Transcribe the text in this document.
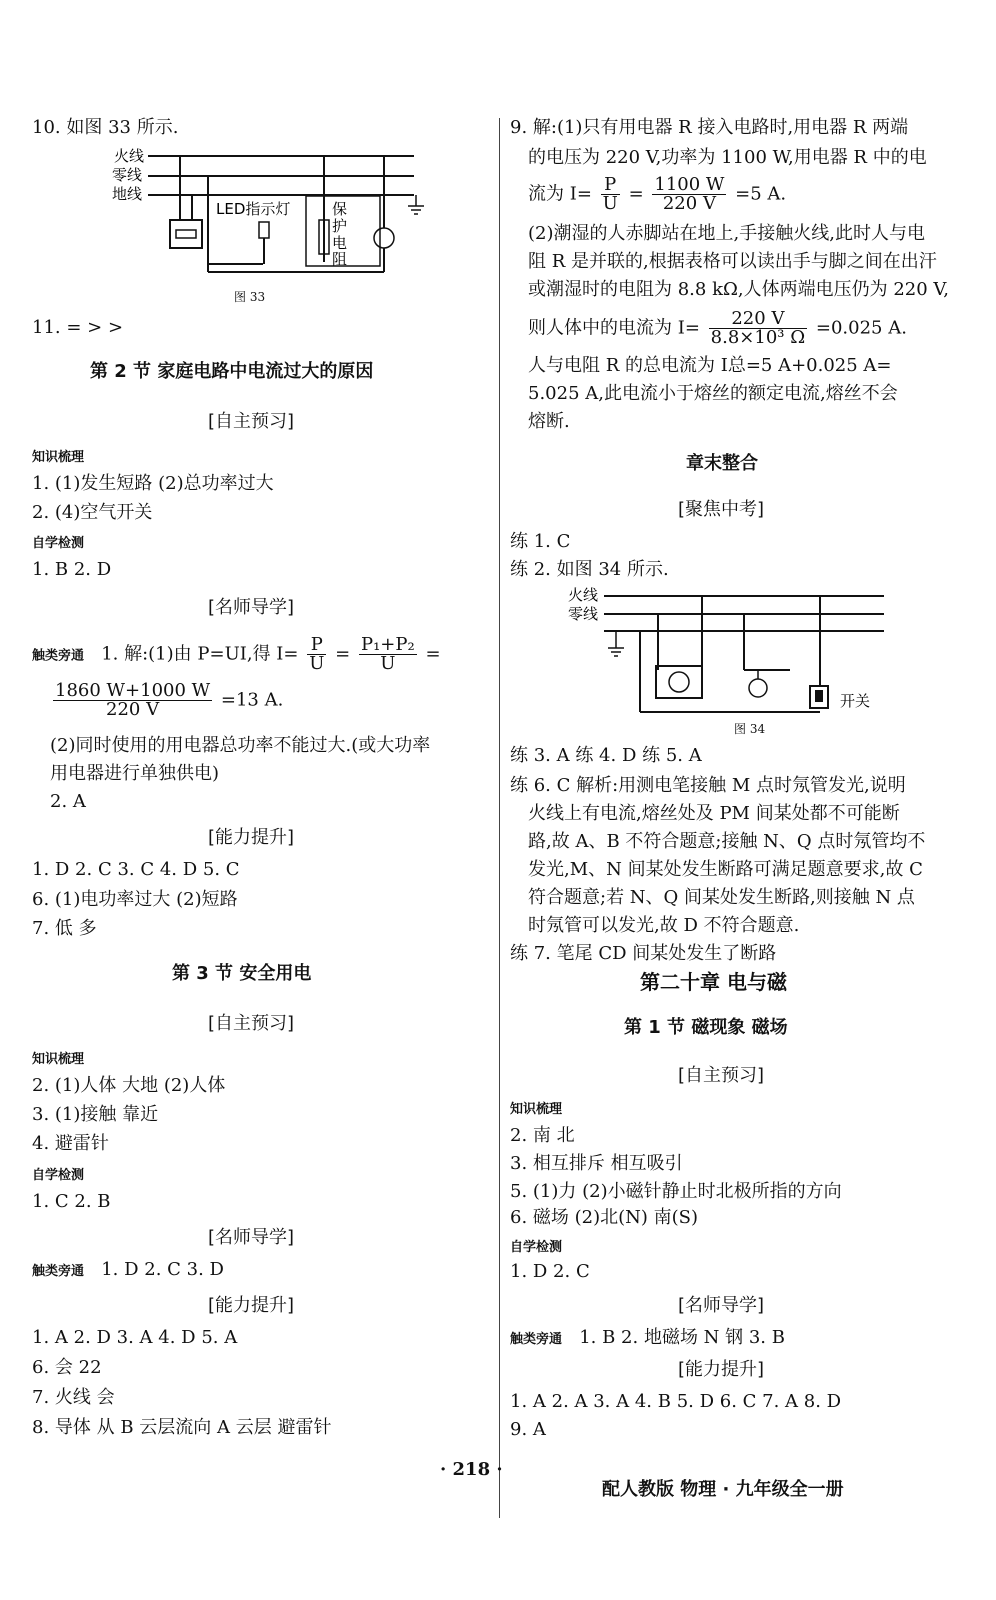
10. 如图 33 所示.
火线
零线
地线
LED指示灯	保护电阻
图 33
11. = > >
第 2 节 家庭电路中电流过大的原因
[自主预习]
知识梳理
1. (1)发生短路 (2)总功率过大
2. (4)空气开关
自学检测
1. B 2. D
[名师导学]
触类旁通 1. 解:(1)由 P=UI,得 $I= \frac{P}{U} = \frac{\text{P₁+P₂}}{U}$ =
$\frac{1860 W+1000 W}{220 V} =13$ A.
(2)同时使用的用电器总功率不能过大.(或大功率
用电器进行单独供电)
2. A
[能力提升]
1. D 2. C 3. C 4. D 5. C
6. (1)电功率过大 (2)短路
7. 低 多
第 3 节 安全用电
[自主预习]
知识梳理
2. (1)人体 大地 (2)人体
3. (1)接触 靠近
4. 避雷针
自学检测
1. C 2. B
[名师导学]
触类旁通 1. D 2. C 3. D
[能力提升]
1. A 2. D 3. A 4. D 5. A
6. 会 22
7. 火线 会
8. 导体 从 B 云层流向 A 云层 避雷针
9. 解:(1)只有用电器 R 接入电路时,用电器 R 两端
的电压为 220 V,功率为 1100 W,用电器 R 中的电
流为 $I= \frac{P}{U} = \frac{1100 W}{220 V} =5$ A.
(2)潮湿的人赤脚站在地上,手接触火线,此时人与电
阻 R 是并联的,根据表格可以读出手与脚之间在出汗
或潮湿时的电阻为 8.8 kΩ,人体两端电压仍为 220 V,
则人体中的电流为 $I= \frac{220 V}{\text{8.8×10³ Ω}} =0.025$ A.
人与电阻 R 的总电流为 I总=5 A+0.025 A=
5.025 A,此电流小于熔丝的额定电流,熔丝不会
熔断.
章末整合
[聚焦中考]
练 1. C
练 2. 如图 34 所示.
火线
零线
开关
图 34
练 3. A 练 4. D 练 5. A
练 6. C 解析:用测电笔接触 M 点时氖管发光,说明
火线上有电流,熔丝处及 PM 间某处都不可能断
路,故 A、B 不符合题意;接触 N、Q 点时氖管均不
发光,M、N 间某处发生断路可满足题意要求,故 C
符合题意;若 N、Q 间某处发生断路,则接触 N 点
时氖管可以发光,故 D 不符合题意.
练 7. 笔尾 CD 间某处发生了断路
第二十章 电与磁
第 1 节 磁现象 磁场
[自主预习]
知识梳理
2. 南 北
3. 相互排斥 相互吸引
5. (1)力 (2)小磁针静止时北极所指的方向
6. 磁场 (2)北(N) 南(S)
自学检测
1. D 2. C
[名师导学]
触类旁通 1. B 2. 地磁场 N 钢 3. B
[能力提升]
1. A 2. A 3. A 4. B 5. D 6. C 7. A 8. D
9. A
· 218 ·
配人教版 物理 · 九年级全一册
